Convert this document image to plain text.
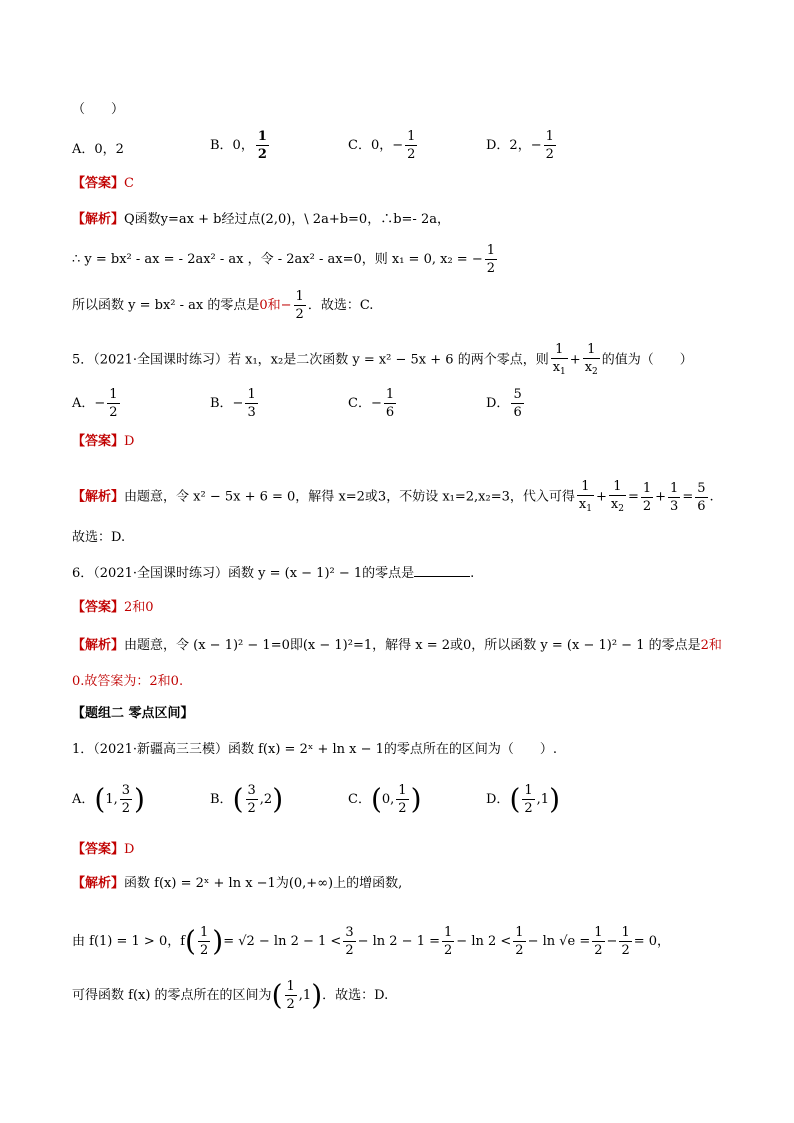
（　　）
A．0，2	B．0， $\frac{1}{2}$	C．0，− $\frac{1}{2}$	D．2，− $\frac{1}{2}$
【答案】C
【解析】Q函数y=ax + b经过点(2,0)，\ 2a+b=0，∴b=- 2a，
∴ y = bx² - ax = - 2ax² - ax ，令 - 2ax² - ax=0，则 x₁ = 0, x₂ = − $\frac{1}{2}$
所以函数 y = bx² - ax 的零点是0和− $\frac{1}{2}$ ．故选：C.
5．（2021·全国课时练习）若 x₁，x₂是二次函数 y = x² − 5x + 6 的两个零点，则 $\frac{1}{x_1} + \frac{1}{x_2}$ 的值为（　　）
A．− $\frac{1}{2}$	B．− $\frac{1}{3}$	C．− $\frac{1}{6}$	D． $\frac{5}{6}$
【答案】D
【解析】由题意，令 x² − 5x + 6 = 0，解得 x=2或3，不妨设 x₁=2,x₂=3，代入可得 $\frac{1}{x_1} + \frac{1}{x_2} = \frac{1}{2} + \frac{1}{3} = \frac{5}{6}$ .
故选：D.
6．（2021·全国课时练习）函数 y = (x − 1)² − 1的零点是	.
【答案】2和0
【解析】由题意，令 (x − 1)² − 1=0即(x − 1)²=1，解得 x = 2或0，所以函数 y = (x − 1)² − 1 的零点是2和
0.故答案为：2和0.
【题组二 零点区间】
1．（2021·新疆高三三模）函数 f(x) = 2ˣ + ln x − 1的零点所在的区间为（　　）.
A．(1, $\frac{3}{2}$ )	B．( $\frac{3}{2} ,2$)	C．(0, $\frac{1}{2}$ )	D．( $\frac{1}{2} ,1$)
【答案】D
【解析】函数 f(x) = 2ˣ + ln x −1为(0,+∞)上的增函数,
由 f(1) = 1 > 0，$f( \frac{1}{2}$ )= $√2 - \ln 2 - 1 < \frac{3}{2} - \ln 2 - 1 = \frac{1}{2} - \ln 2 < \frac{1}{2} - \ln √e = \frac{1}{2} - \frac{1}{2} = 0$，
可得函数 f(x) 的零点所在的区间为( $\frac{1}{2} ,1$)．故选：D.
